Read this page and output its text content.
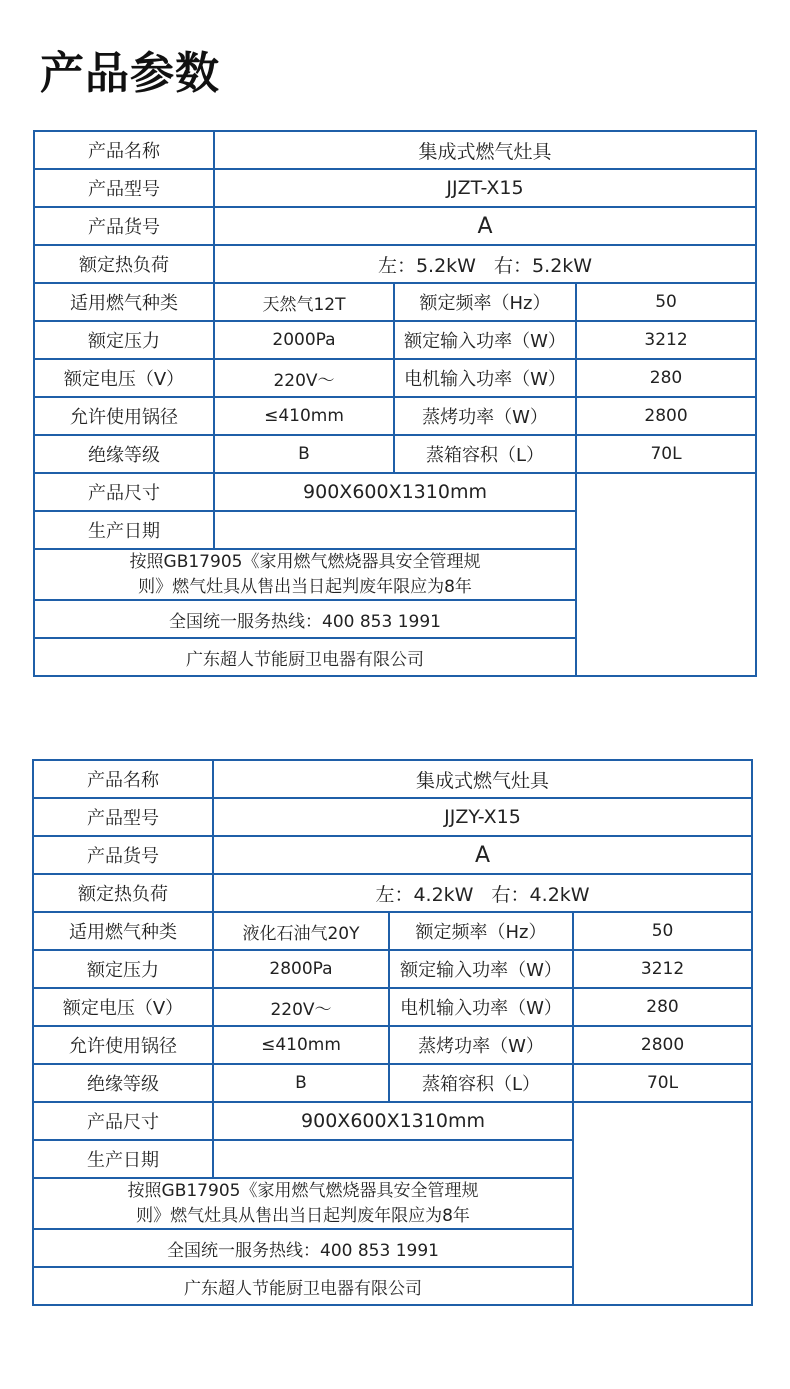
产品参数
产品名称	集成式燃气灶具		
产品型号	JJZT-X15		
产品货号	A		
额定热负荷	左：5.2kW   右：5.2kW		
适用燃气种类	天然气12T	额定频率（Hz）	50
额定压力	2000Pa	额定输入功率（W）	3212
额定电压（V）	220V～	电机输入功率（W）	280
允许使用锅径	≤410mm	蒸烤功率（W）	2800
绝缘等级	B	蒸箱容积（L）	70L
产品尺寸	900X600X1310mm		
生产日期			

按照GB17905《家用燃气燃烧器具安全管理规
则》燃气灶具从售出当日起判废年限应为8年			

全国统一服务热线：400 853 1991			
广东超人节能厨卫电器有限公司			
产品名称	集成式燃气灶具		
产品型号	JJZY-X15		
产品货号	A		
额定热负荷	左：4.2kW   右：4.2kW		
适用燃气种类	液化石油气20Y	额定频率（Hz）	50
额定压力	2800Pa	额定输入功率（W）	3212
额定电压（V）	220V～	电机输入功率（W）	280
允许使用锅径	≤410mm	蒸烤功率（W）	2800
绝缘等级	B	蒸箱容积（L）	70L
产品尺寸	900X600X1310mm		
生产日期			

按照GB17905《家用燃气燃烧器具安全管理规
则》燃气灶具从售出当日起判废年限应为8年			

全国统一服务热线：400 853 1991			
广东超人节能厨卫电器有限公司			
